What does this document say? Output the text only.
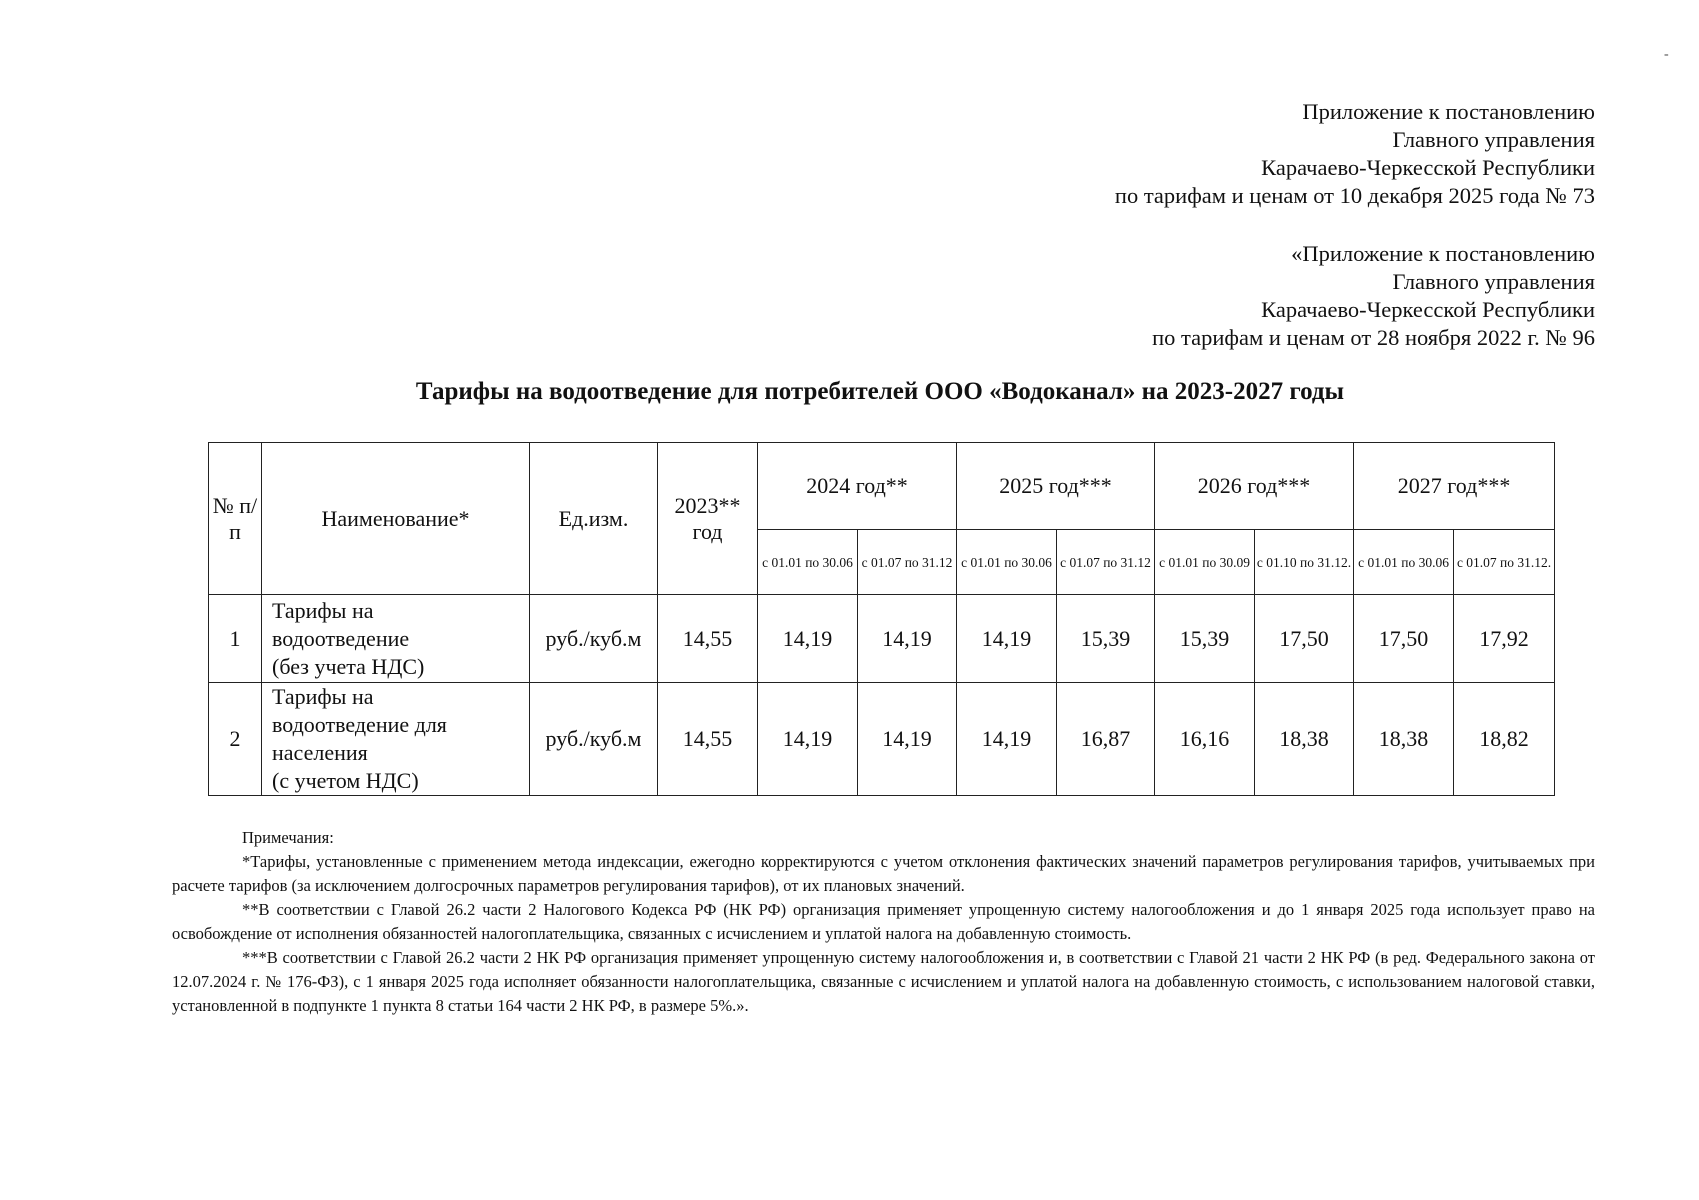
-
Приложение к постановлению
Главного управления
Карачаево-Черкесской Республики
по тарифам и ценам от 10 декабря 2025 года № 73
«Приложение к постановлению
Главного управления
Карачаево-Черкесской Республики
по тарифам и ценам от 28 ноября 2022 г. № 96
Тарифы на водоотведение для потребителей ООО «Водоканал» на 2023-2027 годы
№ п/п	Наименование*	Ед.изм.	2023** год	2024 год**		2025 год***		2026 год***		2027 год***	
				с 01.01 по 30.06	с 01.07 по 31.12	с 01.01 по 30.06	с 01.07 по 31.12	с 01.01 по 30.09	с 01.10 по 31.12.	с 01.01 по 30.06	с 01.07 по 31.12.
1	Тарифы на
водоотведение
(без учета НДС)	руб./куб.м	14,55	14,19	14,19	14,19	15,39	15,39	17,50	17,50	17,92
2	Тарифы на
водоотведение для
населения
(с учетом НДС)	руб./куб.м	14,55	14,19	14,19	14,19	16,87	16,16	18,38	18,38	18,82

Примечания:

*Тарифы, установленные с применением метода индексации, ежегодно корректируются с учетом отклонения фактических значений параметров регулирования тарифов, учитываемых при расчете тарифов (за исключением долгосрочных параметров регулирования тарифов), от их плановых значений.

**В соответствии с Главой 26.2 части 2 Налогового Кодекса РФ (НК РФ) организация применяет упрощенную систему налогообложения и до 1 января 2025 года использует право на освобождение от исполнения обязанностей налогоплательщика, связанных с исчислением и уплатой налога на добавленную стоимость.

***В соответствии с Главой 26.2 части 2 НК РФ организация применяет упрощенную систему налогообложения и, в соответствии с Главой 21 части 2 НК РФ (в ред. Федерального закона от 12.07.2024 г. № 176-ФЗ), с 1 января 2025 года исполняет обязанности налогоплательщика, связанные с исчислением и уплатой налога на добавленную стоимость, с использованием налоговой ставки, установленной в подпункте 1 пункта 8 статьи 164 части 2 НК РФ, в размере 5%.».
